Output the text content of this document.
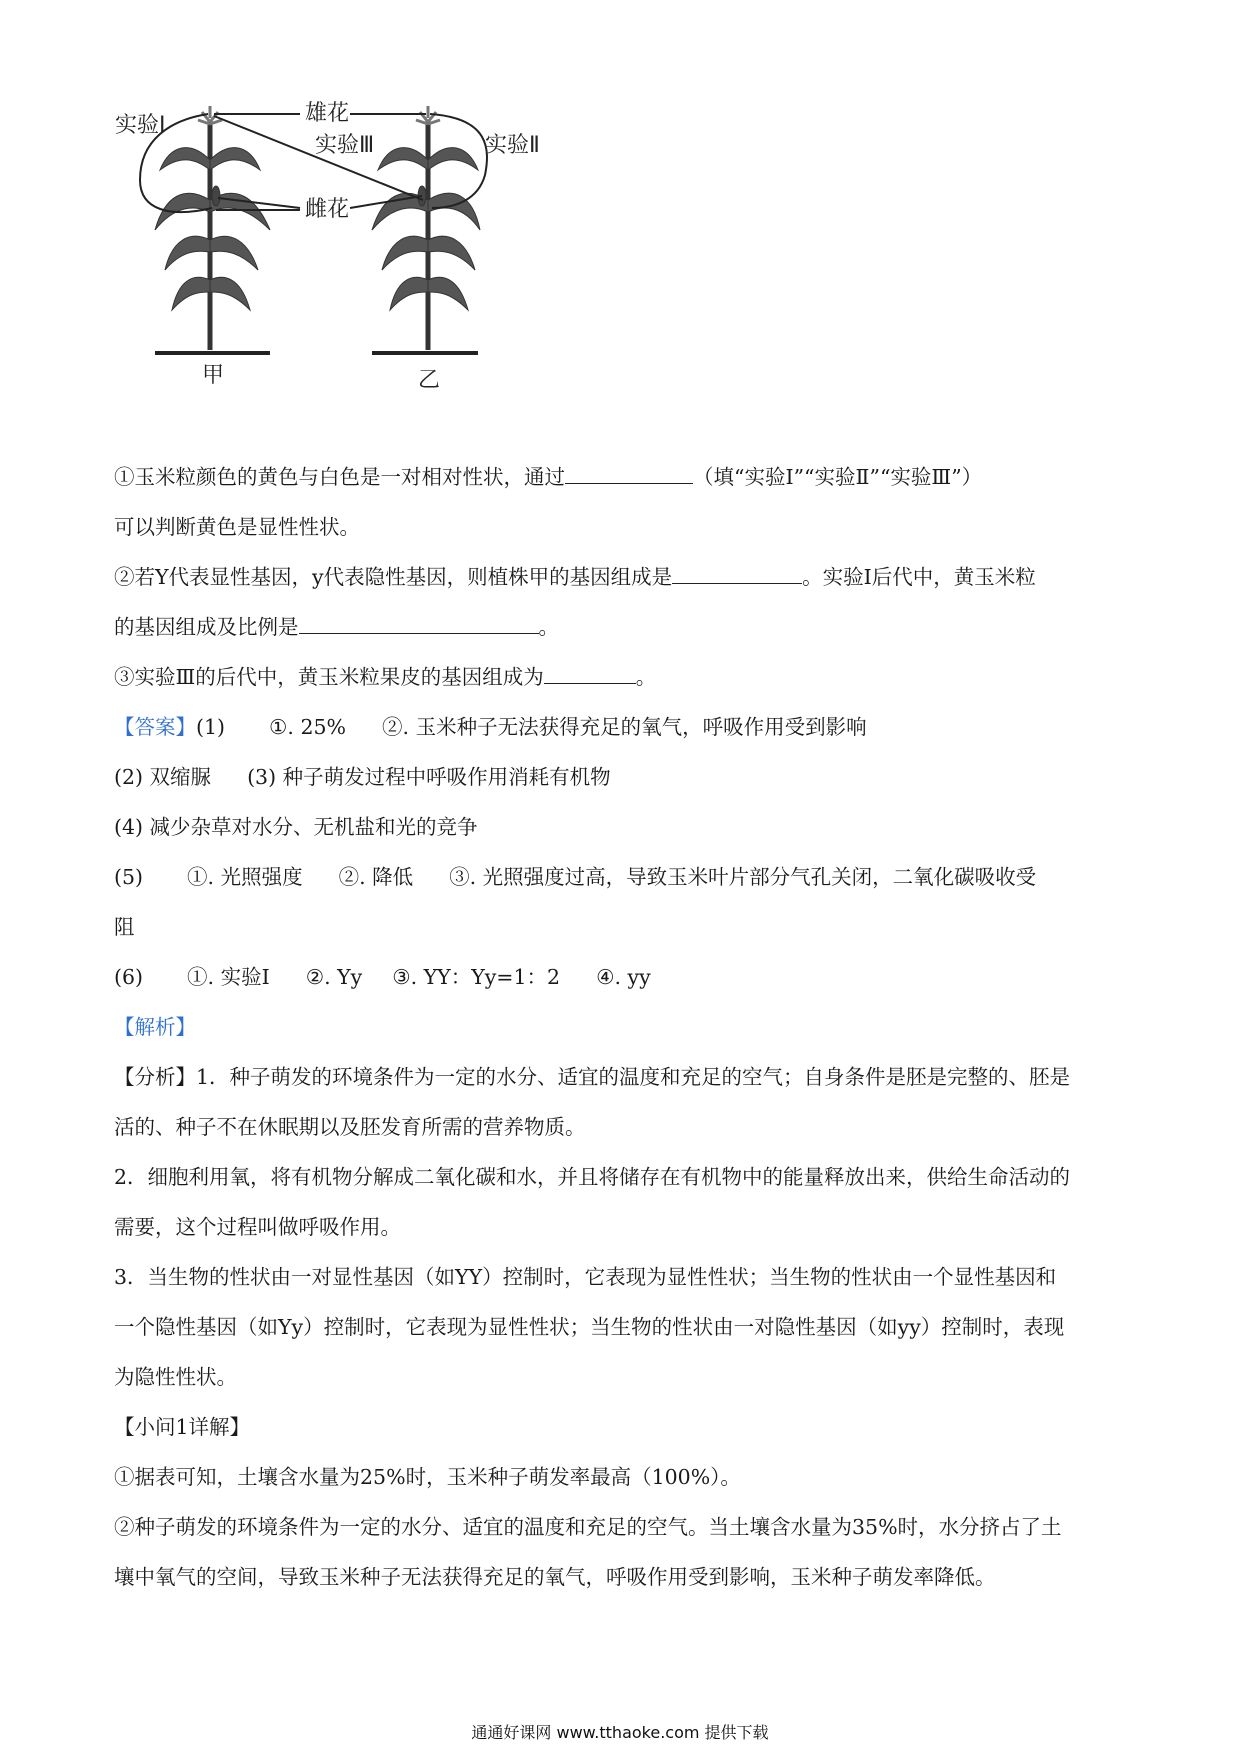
实验Ⅰ	雄花
实验Ⅲ	实验Ⅱ
雌花
甲	乙
①玉米粒颜色的黄色与白色是一对相对性状，通过	（填“实验Ⅰ”“实验Ⅱ”“实验Ⅲ”）
可以判断黄色是显性性状。
②若Y代表显性基因，y代表隐性基因，则植株甲的基因组成是	。实验Ⅰ后代中，黄玉米粒
的基因组成及比例是	。
③实验Ⅲ的后代中，黄玉米粒果皮的基因组成为	。
【答案】(1) ①. 25% ②. 玉米种子无法获得充足的氧气，呼吸作用受到影响
(2) 双缩脲 (3) 种子萌发过程中呼吸作用消耗有机物
(4) 减少杂草对水分、无机盐和光的竞争
(5) ①. 光照强度 ②. 降低 ③. 光照强度过高，导致玉米叶片部分气孔关闭，二氧化碳吸收受
阻
(6) ①. 实验Ⅰ ②. Yy ③. YY：Yy=1：2 ④. yy
【解析】
【分析】1．种子萌发的环境条件为一定的水分、适宜的温度和充足的空气；自身条件是胚是完整的、胚是
活的、种子不在休眠期以及胚发育所需的营养物质。
2．细胞利用氧，将有机物分解成二氧化碳和水，并且将储存在有机物中的能量释放出来，供给生命活动的
需要，这个过程叫做呼吸作用。
3．当生物的性状由一对显性基因（如YY）控制时，它表现为显性性状；当生物的性状由一个显性基因和
一个隐性基因（如Yy）控制时，它表现为显性性状；当生物的性状由一对隐性基因（如yy）控制时，表现
为隐性性状。
【小问1详解】
①据表可知，土壤含水量为25%时，玉米种子萌发率最高（100%）。
②种子萌发的环境条件为一定的水分、适宜的温度和充足的空气。当土壤含水量为35%时，水分挤占了土
壤中氧气的空间，导致玉米种子无法获得充足的氧气，呼吸作用受到影响，玉米种子萌发率降低。
通通好课网 www.tthaoke.com 提供下载
